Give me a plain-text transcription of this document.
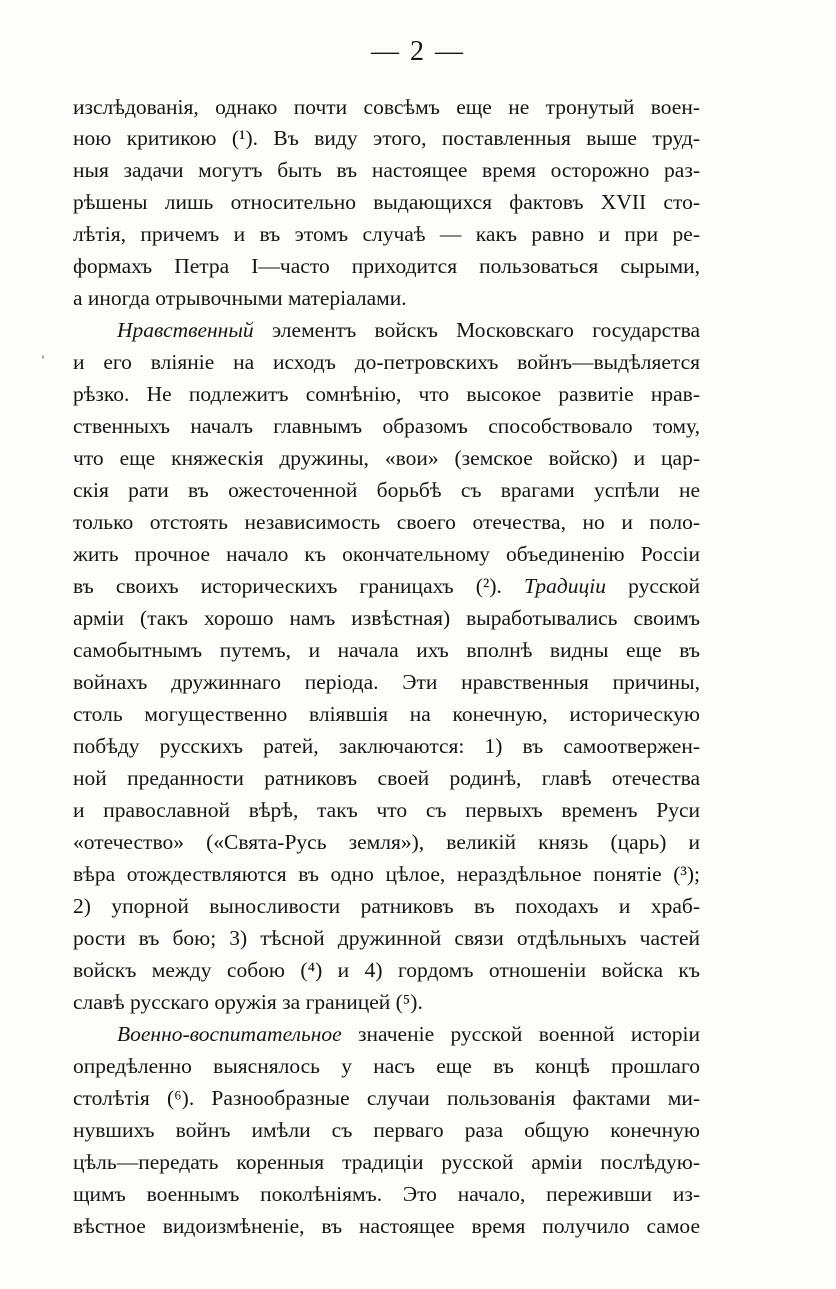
— 2 —
ˈ
изслѣдованія, однако почти совсѣмъ еще не тронутый воен-
ною критикою (¹). Въ виду этого, поставленныя выше труд-
ныя задачи могутъ быть въ настоящее время осторожно раз-
рѣшены лишь относительно выдающихся фактовъ XVII сто-
лѣтія, причемъ и въ этомъ случаѣ — какъ равно и при ре-
формахъ Петра I—часто приходится пользоваться сырыми,
а иногда отрывочными матеріалами.
Нравственный элементъ войскъ Московскаго государства
и его вліяніе на исходъ до-петровскихъ войнъ—выдѣляется
рѣзко. Не подлежитъ сомнѣнію, что высокое развитіе нрав-
ственныхъ началъ главнымъ образомъ способствовало тому,
что еще княжескія дружины, «вои» (земское войско) и цар-
скія рати въ ожесточенной борьбѣ съ врагами успѣли не
только отстоять независимость своего отечества, но и поло-
жить прочное начало къ окончательному объединенію Россіи
въ своихъ историческихъ границахъ (²). Традиціи русской
арміи (такъ хорошо намъ извѣстная) выработывались своимъ
самобытнымъ путемъ, и начала ихъ вполнѣ видны еще въ
войнахъ дружиннаго періода. Эти нравственныя причины,
столь могущественно вліявшія на конечную, историческую
побѣду русскихъ ратей, заключаются: 1) въ самоотвержен-
ной преданности ратниковъ своей родинѣ, главѣ отечества
и православной вѣрѣ, такъ что съ первыхъ временъ Руси
«отечество» («Свята-Русь земля»), великій князь (царь) и
вѣра отождествляются въ одно цѣлое, нераздѣльное понятіе (³);
2) упорной выносливости ратниковъ въ походахъ и храб-
рости въ бою; 3) тѣсной дружинной связи отдѣльныхъ частей
войскъ между собою (⁴) и 4) гордомъ отношеніи войска къ
славѣ русскаго оружія за границей (⁵).
Военно-воспитательное значеніе русской военной исторіи
опредѣленно выяснялось у насъ еще въ концѣ прошлаго
столѣтія (⁶). Разнообразные случаи пользованія фактами ми-
нувшихъ войнъ имѣли съ перваго раза общую конечную
цѣль—передать коренныя традиціи русской арміи послѣдую-
щимъ военнымъ поколѣніямъ. Это начало, переживши из-
вѣстное видоизмѣненіе, въ настоящее время получило самое
